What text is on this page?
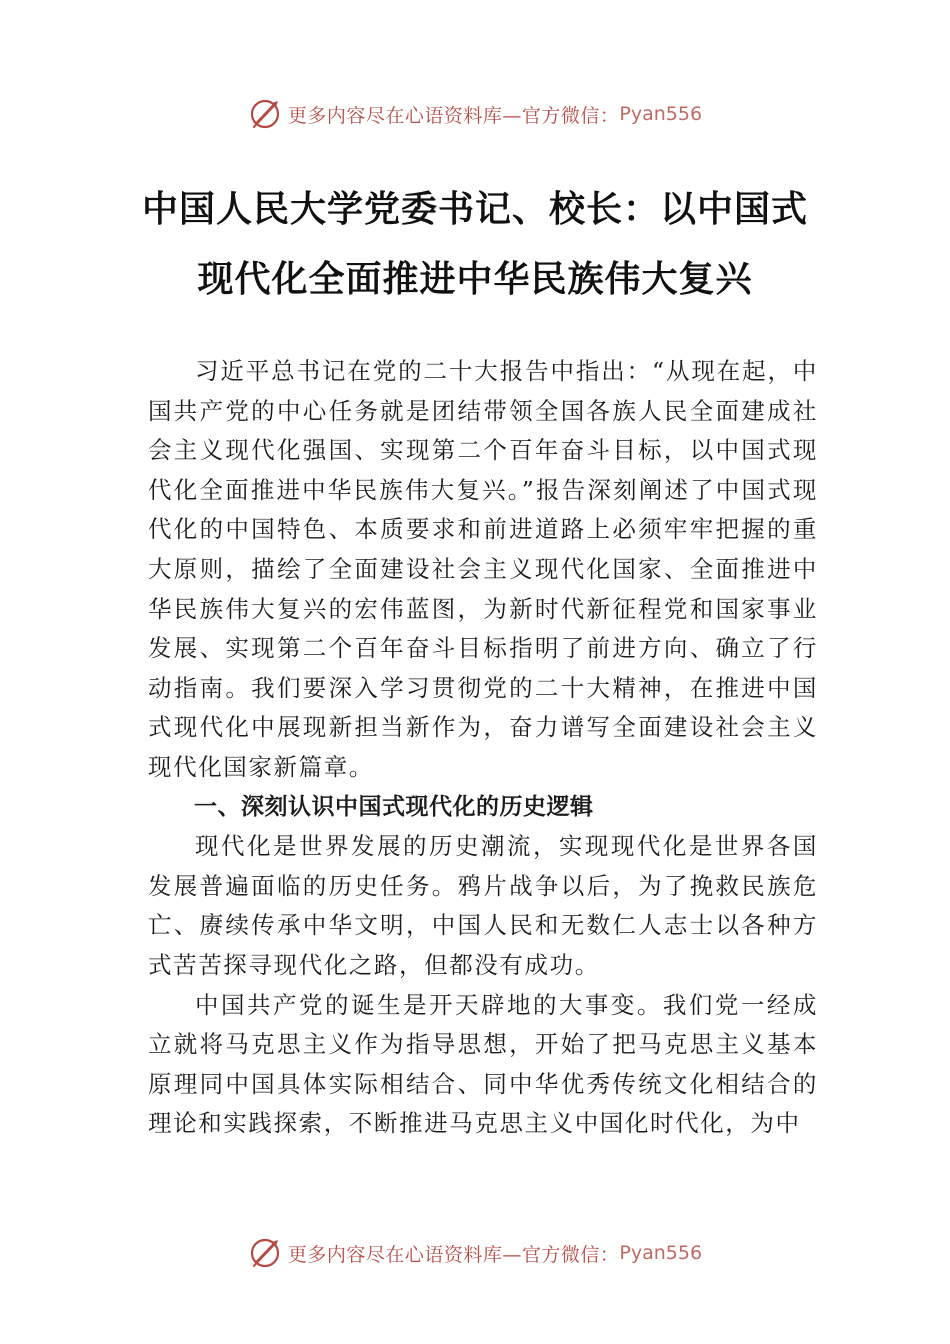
更多内容尽在心语资料库—官方微信： Pyan556
中国人民大学党委书记、校长：以中国式
现代化全面推进中华民族伟大复兴

习近平总书记在党的二十大报告中指出：“从现在起，中国共产党的中心任务就是团结带领全国各族人民全面建成社会主义现代化强国、实现第二个百年奋斗目标，以中国式现代化全面推进中华民族伟大复兴。”报告深刻阐述了中国式现代化的中国特色、本质要求和前进道路上必须牢牢把握的重大原则，描绘了全面建设社会主义现代化国家、全面推进中华民族伟大复兴的宏伟蓝图，为新时代新征程党和国家事业发展、实现第二个百年奋斗目标指明了前进方向、确立了行动指南。我们要深入学习贯彻党的二十大精神，在推进中国式现代化中展现新担当新作为，奋力谱写全面建设社会主义现代化国家新篇章。

一、深刻认识中国式现代化的历史逻辑

现代化是世界发展的历史潮流，实现现代化是世界各国发展普遍面临的历史任务。鸦片战争以后，为了挽救民族危亡、赓续传承中华文明，中国人民和无数仁人志士以各种方式苦苦探寻现代化之路，但都没有成功。

中国共产党的诞生是开天辟地的大事变。我们党一经成立就将马克思主义作为指导思想，开始了把马克思主义基本原理同中国具体实际相结合、同中华优秀传统文化相结合的理论和实践探索，不断推进马克思主义中国化时代化，为中

更多内容尽在心语资料库—官方微信： Pyan556
